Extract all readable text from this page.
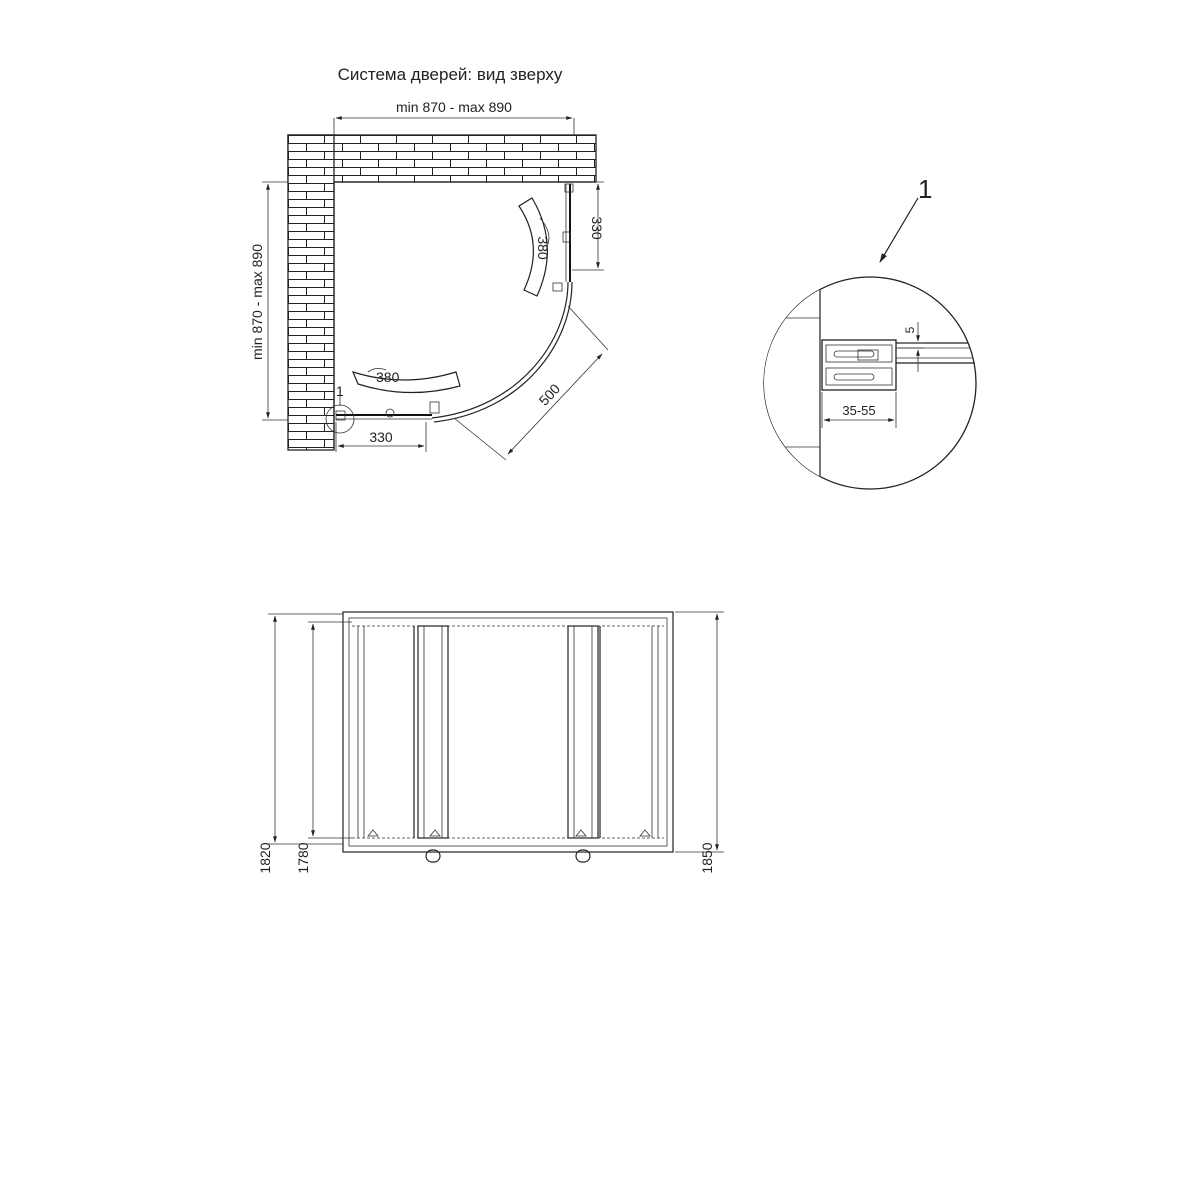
Система дверей: вид зверху
min 870 - max 890
min 870 - max 890
330
380
1
380
330
500
1
5
35-55
1850
1820 1780
